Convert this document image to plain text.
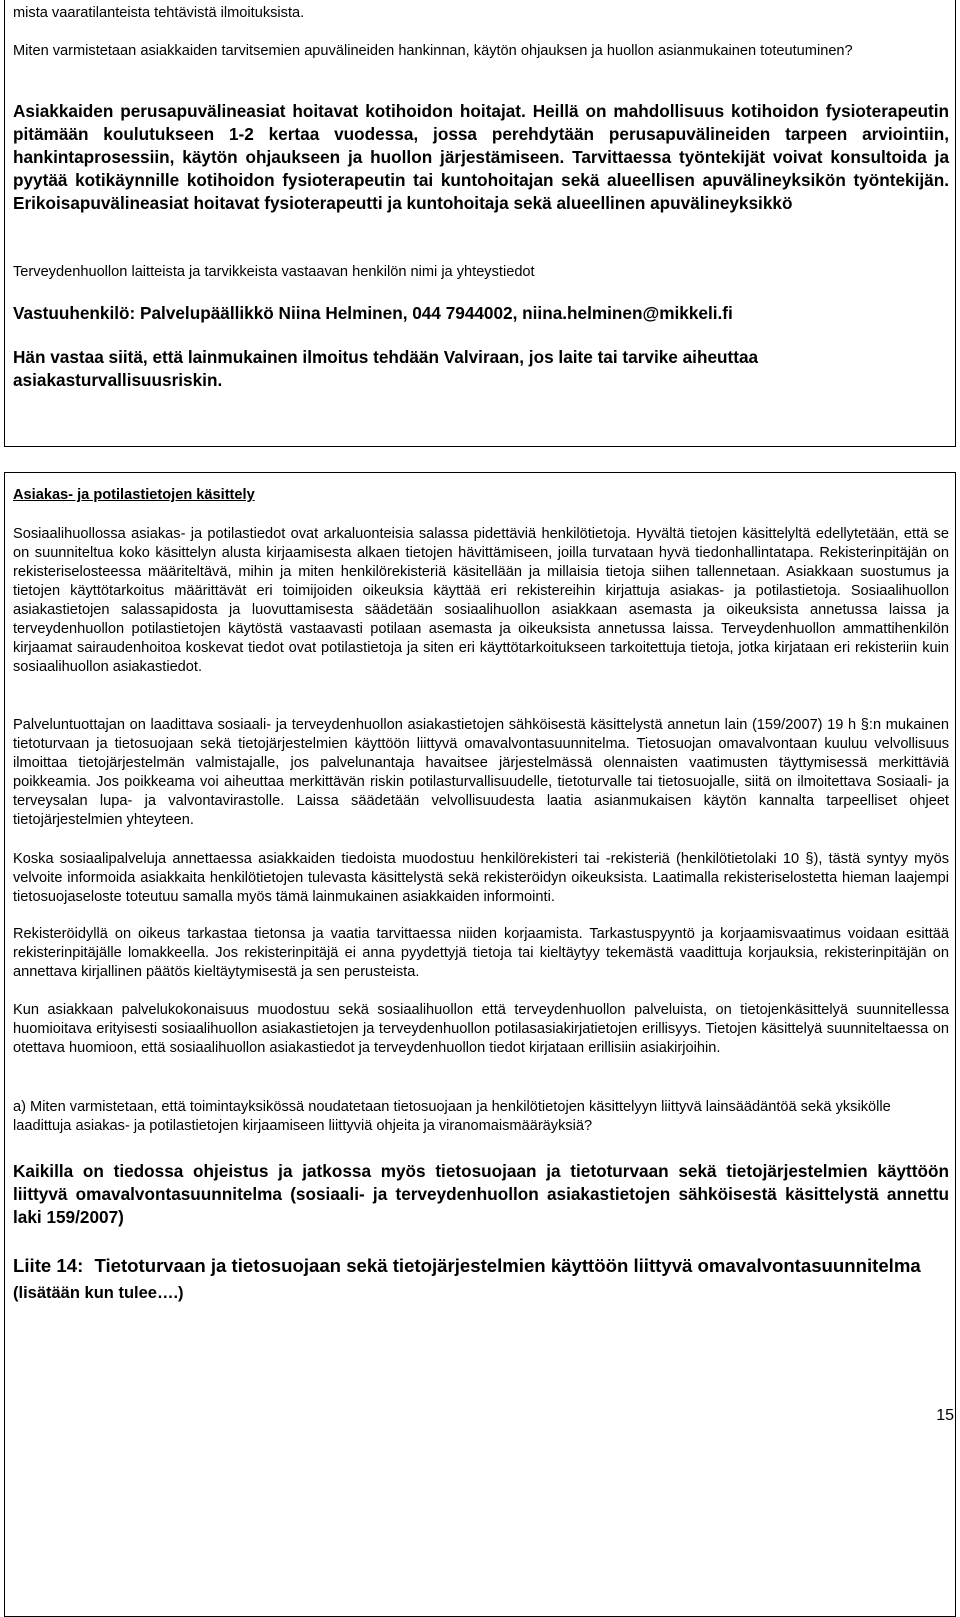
mista vaaratilanteista tehtävistä ilmoituksista.

Miten varmistetaan asiakkaiden tarvitsemien apuvälineiden hankinnan, käytön ohjauksen ja huollon asianmukainen toteutuminen?

Asiakkaiden perusapuvälineasiat hoitavat kotihoidon hoitajat. Heillä on mahdollisuus kotihoidon fysioterapeutin pitämään koulutukseen 1-2 kertaa vuodessa, jossa perehdytään perusapuvälineiden tarpeen arviointiin, hankintaprosessiin, käytön ohjaukseen ja huollon järjestämiseen. Tarvittaessa työntekijät voivat konsultoida ja pyytää kotikäynnille kotihoidon fysioterapeutin tai kuntohoitajan sekä alueellisen apuvälineyksikön työntekijän. Erikoisapuvälineasiat hoitavat fysioterapeutti ja kuntohoitaja sekä alueellinen apuvälineyksikkö

Terveydenhuollon laitteista ja tarvikkeista vastaavan henkilön nimi ja yhteystiedot

Vastuuhenkilö: Palvelupäällikkö Niina Helminen, 044 7944002, niina.helminen@mikkeli.fi

Hän vastaa siitä, että lainmukainen ilmoitus tehdään Valviraan, jos laite tai tarvike aiheuttaa asiakasturvallisuusriskin.

Asiakas- ja potilastietojen käsittely

Sosiaalihuollossa asiakas- ja potilastiedot ovat arkaluonteisia salassa pidettäviä henkilötietoja. Hyvältä tietojen käsittelyltä edellytetään, että se on suunniteltua koko käsittelyn alusta kirjaamisesta alkaen tietojen hävittämiseen, joilla turvataan hyvä tiedonhallintatapa. Rekisterinpitäjän on rekisteriselosteessa määriteltävä, mihin ja miten henkilörekisteriä käsitellään ja millaisia tietoja siihen tallennetaan. Asiakkaan suostumus ja tietojen käyttötarkoitus määrittävät eri toimijoiden oikeuksia käyttää eri rekistereihin kirjattuja asiakas- ja potilastietoja. Sosiaalihuollon asiakastietojen salassapidosta ja luovuttamisesta säädetään sosiaalihuollon asiakkaan asemasta ja oikeuksista annetussa laissa ja terveydenhuollon potilastietojen käytöstä vastaavasti potilaan asemasta ja oikeuksista annetussa laissa. Terveydenhuollon ammattihenkilön kirjaamat sairaudenhoitoa koskevat tiedot ovat potilastietoja ja siten eri käyttötarkoitukseen tarkoitettuja tietoja, jotka kirjataan eri rekisteriin kuin sosiaalihuollon asiakastiedot.

Palveluntuottajan on laadittava sosiaali- ja terveydenhuollon asiakastietojen sähköisestä käsittelystä annetun lain (159/2007) 19 h §:n mukainen tietoturvaan ja tietosuojaan sekä tietojärjestelmien käyttöön liittyvä omavalvontasuunnitelma. Tietosuojan omavalvontaan kuuluu velvollisuus ilmoittaa tietojärjestelmän valmistajalle, jos palvelunantaja havaitsee järjestelmässä olennaisten vaatimusten täyttymisessä merkittäviä poikkeamia. Jos poikkeama voi aiheuttaa merkittävän riskin potilasturvallisuudelle, tietoturvalle tai tietosuojalle, siitä on ilmoitettava Sosiaali- ja terveysalan lupa- ja valvontavirastolle. Laissa säädetään velvollisuudesta laatia asianmukaisen käytön kannalta tarpeelliset ohjeet tietojärjestelmien yhteyteen.

Koska sosiaalipalveluja annettaessa asiakkaiden tiedoista muodostuu henkilörekisteri tai -rekisteriä (henkilötietolaki 10 §), tästä syntyy myös velvoite informoida asiakkaita henkilötietojen tulevasta käsittelystä sekä rekisteröidyn oikeuksista. Laatimalla rekisteriselostetta hieman laajempi tietosuojaseloste toteutuu samalla myös tämä lainmukainen asiakkaiden informointi.

Rekisteröidyllä on oikeus tarkastaa tietonsa ja vaatia tarvittaessa niiden korjaamista. Tarkastuspyyntö ja korjaamisvaatimus voidaan esittää rekisterinpitäjälle lomakkeella. Jos rekisterinpitäjä ei anna pyydettyjä tietoja tai kieltäytyy tekemästä vaadittuja korjauksia, rekisterinpitäjän on annettava kirjallinen päätös kieltäytymisestä ja sen perusteista.

Kun asiakkaan palvelukokonaisuus muodostuu sekä sosiaalihuollon että terveydenhuollon palveluista, on tietojenkäsittelyä suunnitellessa huomioitava erityisesti sosiaalihuollon asiakastietojen ja terveydenhuollon potilasasiakirjatietojen erillisyys. Tietojen käsittelyä suunniteltaessa on otettava huomioon, että sosiaalihuollon asiakastiedot ja terveydenhuollon tiedot kirjataan erillisiin asiakirjoihin.

a) Miten varmistetaan, että toimintayksikössä noudatetaan tietosuojaan ja henkilötietojen käsittelyyn liittyvä lainsäädäntöä sekä yksikölle laadittuja asiakas- ja potilastietojen kirjaamiseen liittyviä ohjeita ja viranomaismääräyksiä?

Kaikilla on tiedossa ohjeistus ja jatkossa myös tietosuojaan ja tietoturvaan sekä tietojärjestelmien käyttöön liittyvä omavalvontasuunnitelma (sosiaali- ja terveydenhuollon asiakastietojen sähköisestä käsittelystä annettu laki 159/2007)

Liite 14: Tietoturvaan ja tietosuojaan sekä tietojärjestelmien käyttöön liittyvä omavalvontasuunnitelma (lisätään kun tulee….)

15
